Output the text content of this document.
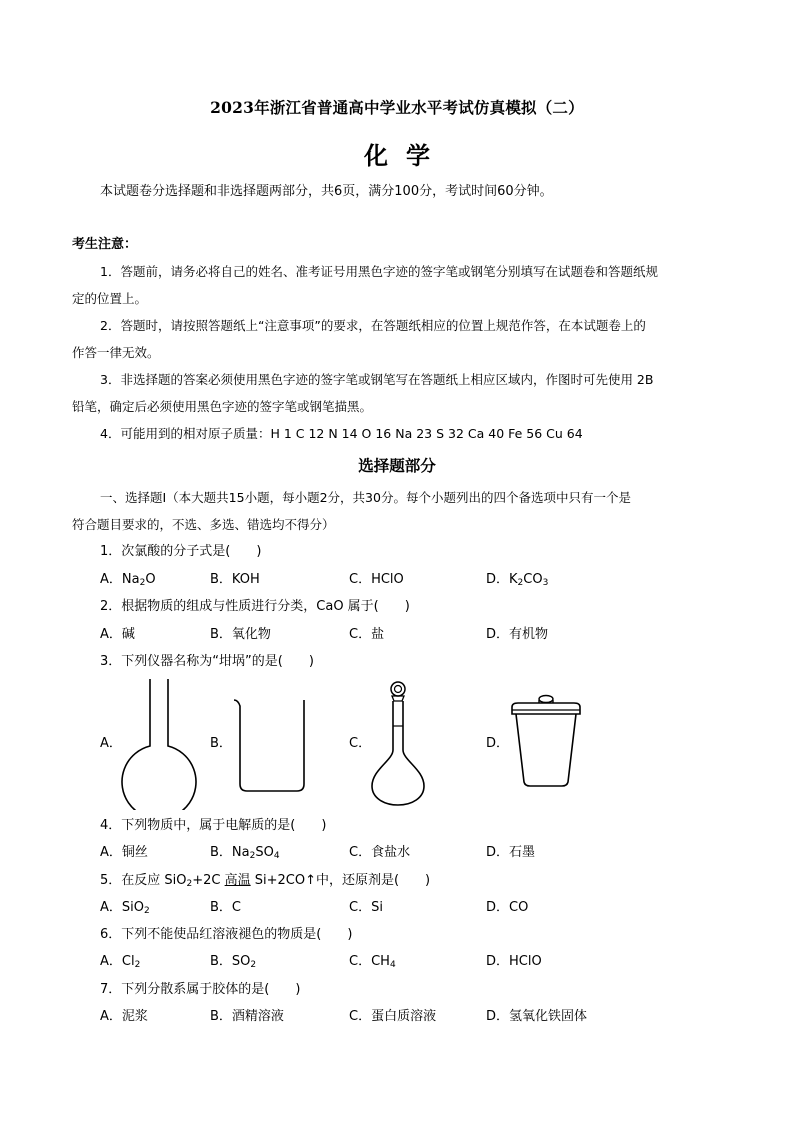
2023年浙江省普通高中学业水平考试仿真模拟（二）
化学
本试题卷分选择题和非选择题两部分，共6页，满分100分，考试时间60分钟。
考生注意：
1．答题前，请务必将自己的姓名、准考证号用黑色字迹的签字笔或钢笔分别填写在试题卷和答题纸规
定的位置上。
2．答题时，请按照答题纸上“注意事项”的要求，在答题纸相应的位置上规范作答，在本试题卷上的
作答一律无效。
3．非选择题的答案必须使用黑色字迹的签字笔或钢笔写在答题纸上相应区域内，作图时可先使用 2B
铅笔，确定后必须使用黑色字迹的签字笔或钢笔描黑。
4．可能用到的相对原子质量：H 1 C 12 N 14 O 16 Na 23 S 32 Ca 40 Fe 56 Cu 64
选择题部分
一、选择题Ⅰ（本大题共15小题，每小题2分，共30分。每个小题列出的四个备选项中只有一个是
符合题目要求的，不选、多选、错选均不得分）
1．次氯酸的分子式是(　　)
A．$Na_2O$	B．KOH	C．HClO	D．$K_2CO_3$
2．根据物质的组成与性质进行分类，CaO 属于(　　)
A．碱	B．氧化物	C．盐	D．有机物
3．下列仪器名称为“坩埚”的是(　　)
A．	B．	C．	D．
4．下列物质中，属于电解质的是(　　)
A．铜丝	B．$Na_2SO_4$	C．食盐水	D．石墨
5．在反应 SiO$_2$+2C 高温 Si+2CO↑中，还原剂是(　　)
A．SiO$_2$	B．C	C．Si	D．CO
6．下列不能使品红溶液褪色的物质是(　　)
A．$Cl_2$	B．$SO_2$	C．$CH_4$	D．HClO
7．下列分散系属于胶体的是(　　)
A．泥浆	B．酒精溶液	C．蛋白质溶液	D．氢氧化铁固体
